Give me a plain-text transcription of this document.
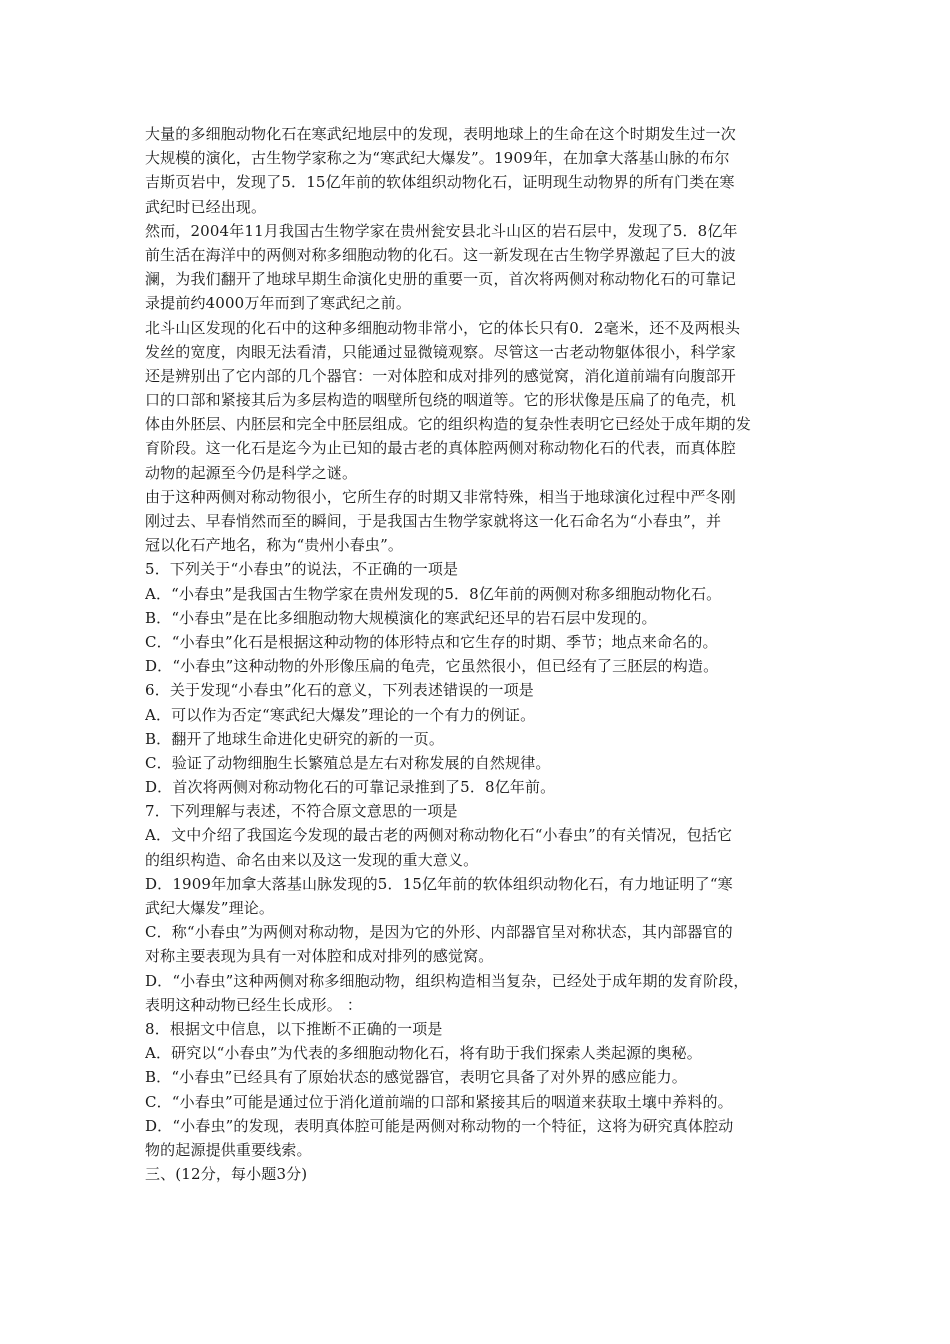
大量的多细胞动物化石在寒武纪地层中的发现，表明地球上的生命在这个时期发生过一次
大规模的演化，古生物学家称之为“寒武纪大爆发”。1909年，在加拿大落基山脉的布尔
吉斯页岩中，发现了5．15亿年前的软体组织动物化石，证明现生动物界的所有门类在寒
武纪时已经出现。
然而，2004年11月我国古生物学家在贵州瓮安县北斗山区的岩石层中，发现了5．8亿年
前生活在海洋中的两侧对称多细胞动物的化石。这一新发现在古生物学界激起了巨大的波
澜，为我们翻开了地球早期生命演化史册的重要一页，首次将两侧对称动物化石的可靠记
录提前约4000万年而到了寒武纪之前。
北斗山区发现的化石中的这种多细胞动物非常小，它的体长只有0．2毫米，还不及两根头
发丝的宽度，肉眼无法看清，只能通过显微镜观察。尽管这一古老动物躯体很小，科学家
还是辨别出了它内部的几个器官：一对体腔和成对排列的感觉窝，消化道前端有向腹部开
口的口部和紧接其后为多层构造的咽壁所包绕的咽道等。它的形状像是压扁了的龟壳，机
体由外胚层、内胚层和完全中胚层组成。它的组织构造的复杂性表明它已经处于成年期的发
育阶段。这一化石是迄今为止已知的最古老的真体腔两侧对称动物化石的代表，而真体腔
动物的起源至今仍是科学之谜。
由于这种两侧对称动物很小，它所生存的时期又非常特殊，相当于地球演化过程中严冬刚
刚过去、早春悄然而至的瞬间，于是我国古生物学家就将这一化石命名为“小春虫”，并
冠以化石产地名，称为“贵州小春虫”。
5．下列关于“小春虫”的说法，不正确的一项是
A．“小春虫”是我国古生物学家在贵州发现的5．8亿年前的两侧对称多细胞动物化石。
B．“小春虫”是在比多细胞动物大规模演化的寒武纪还早的岩石层中发现的。
C．“小春虫”化石是根据这种动物的体形特点和它生存的时期、季节；地点来命名的。
D．“小春虫”这种动物的外形像压扁的龟壳，它虽然很小，但已经有了三胚层的构造。
6．关于发现“小春虫”化石的意义，下列表述错误的一项是
A．可以作为否定“寒武纪大爆发”理论的一个有力的例证。
B．翻开了地球生命进化史研究的新的一页。
C．验证了动物细胞生长繁殖总是左右对称发展的自然规律。
D．首次将两侧对称动物化石的可靠记录推到了5．8亿年前。
7．下列理解与表述，不符合原文意思的一项是
A．文中介绍了我国迄今发现的最古老的两侧对称动物化石“小春虫”的有关情况，包括它
的组织构造、命名由来以及这一发现的重大意义。
D．1909年加拿大落基山脉发现的5．15亿年前的软体组织动物化石，有力地证明了“寒
武纪大爆发”理论。
C．称“小春虫”为两侧对称动物，是因为它的外形、内部器官呈对称状态，其内部器官的
对称主要表现为具有一对体腔和成对排列的感觉窝。
D．“小春虫”这种两侧对称多细胞动物，组织构造相当复杂，已经处于成年期的发育阶段，
表明这种动物已经生长成形。 ：
8．根据文中信息，以下推断不正确的一项是
A．研究以“小春虫”为代表的多细胞动物化石，将有助于我们探索人类起源的奥秘。
B．“小春虫”已经具有了原始状态的感觉器官，表明它具备了对外界的感应能力。
C．“小春虫”可能是通过位于消化道前端的口部和紧接其后的咽道来获取土壤中养料的。
D．“小春虫”的发现，表明真体腔可能是两侧对称动物的一个特征，这将为研究真体腔动
物的起源提供重要线索。
三、(12分，每小题3分)
